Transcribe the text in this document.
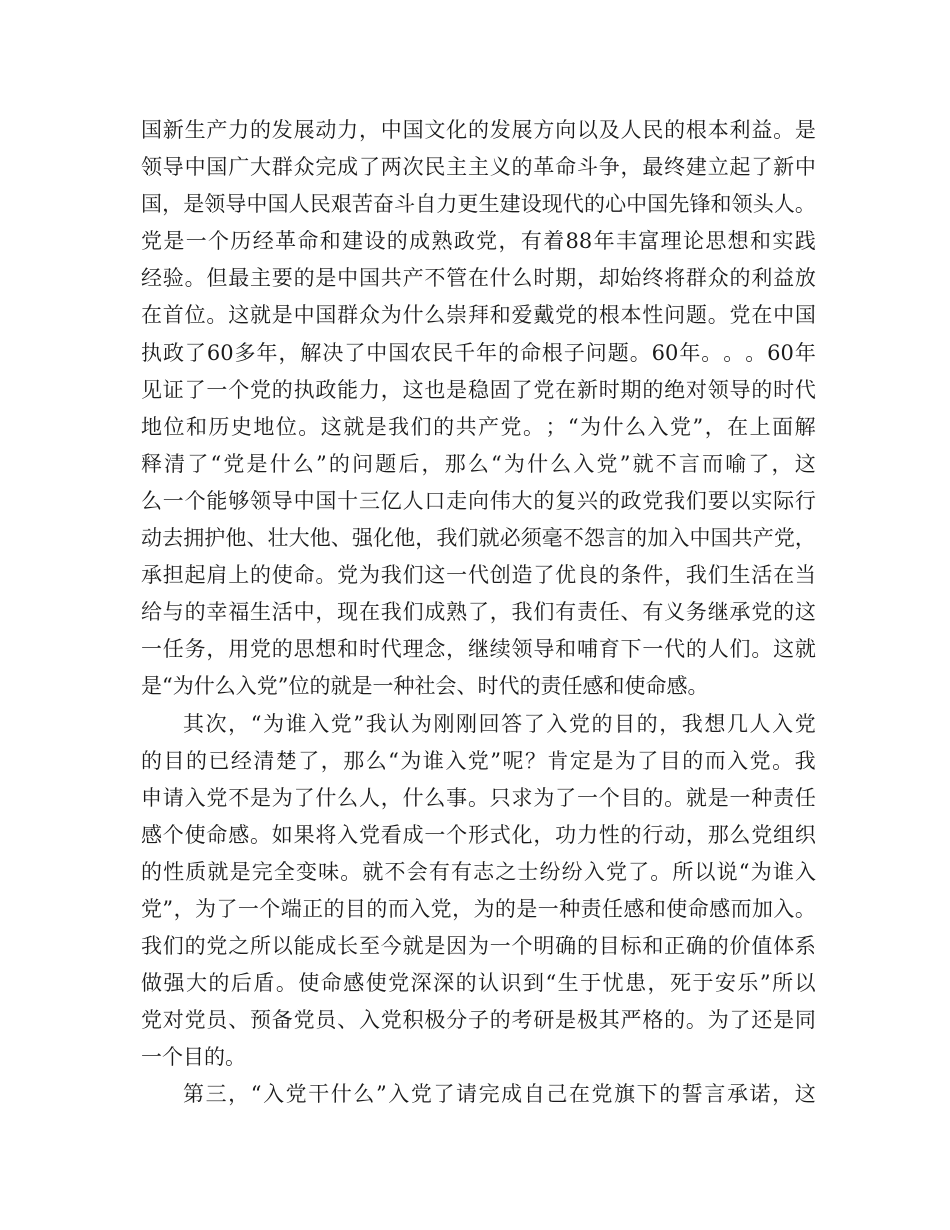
国 新 生 产 力 的 发 展 动 力 ， 中 国 文 化 的 发 展 方 向 以 及 人 民 的 根 本 利 益 。 是
领 导 中 国 广 大 群 众 完 成 了 两 次 民 主 主 义 的 革 命 斗 争 ， 最 终 建 立 起 了 新 中
国 ， 是 领 导 中 国 人 民 艰 苦 奋 斗 自 力 更 生 建 设 现 代 的 心 中 国 先 锋 和 领 头 人 。
党 是 一 个 历 经 革 命 和 建 设 的 成 熟 政 党 ， 有 着 88 年 丰 富 理 论 思 想 和 实 践
经 验 。 但 最 主 要 的 是 中 国 共 产 不 管 在 什 么 时 期 ， 却 始 终 将 群 众 的 利 益 放
在 首 位 。 这 就 是 中 国 群 众 为 什 么 崇 拜 和 爱 戴 党 的 根 本 性 问 题 。 党 在 中 国
执 政 了 60 多 年 ， 解 决 了 中 国 农 民 千 年 的 命 根 子 问 题 。 60 年 。 。 。 60 年
见 证 了 一 个 党 的 执 政 能 力 ， 这 也 是 稳 固 了 党 在 新 时 期 的 绝 对 领 导 的 时 代
地 位 和 历 史 地 位 。 这 就 是 我 们 的 共 产 党 。 ； “ 为 什 么 入 党 ” ， 在 上 面 解
释 清 了 “ 党 是 什 么 ” 的 问 题 后 ， 那 么 “ 为 什 么 入 党 ” 就 不 言 而 喻 了 ， 这
么 一 个 能 够 领 导 中 国 十 三 亿 人 口 走 向 伟 大 的 复 兴 的 政 党 我 们 要 以 实 际 行
动 去 拥 护 他 、 壮 大 他 、 强 化 他 ， 我 们 就 必 须 毫 不 怨 言 的 加 入 中 国 共 产 党 ，
承 担 起 肩 上 的 使 命 。 党 为 我 们 这 一 代 创 造 了 优 良 的 条 件 ， 我 们 生 活 在 当
给 与 的 幸 福 生 活 中 ， 现 在 我 们 成 熟 了 ， 我 们 有 责 任 、 有 义 务 继 承 党 的 这
一 任 务 ， 用 党 的 思 想 和 时 代 理 念 ， 继 续 领 导 和 哺 育 下 一 代 的 人 们 。 这 就
是“为什么入党”位的就是一种社会、时代的责任感和使命感。
其 次 ， “ 为 谁 入 党 ” 我 认 为 刚 刚 回 答 了 入 党 的 目 的 ， 我 想 几 人 入 党
的 目 的 已 经 清 楚 了 ， 那 么 “ 为 谁 入 党 ” 呢 ？ 肯 定 是 为 了 目 的 而 入 党 。 我
申 请 入 党 不 是 为 了 什 么 人 ， 什 么 事 。 只 求 为 了 一 个 目 的 。 就 是 一 种 责 任
感 个 使 命 感 。 如 果 将 入 党 看 成 一 个 形 式 化 ， 功 力 性 的 行 动 ， 那 么 党 组 织
的 性 质 就 是 完 全 变 味 。 就 不 会 有 有 志 之 士 纷 纷 入 党 了 。 所 以 说 “ 为 谁 入
党 ” ， 为 了 一 个 端 正 的 目 的 而 入 党 ， 为 的 是 一 种 责 任 感 和 使 命 感 而 加 入 。
我 们 的 党 之 所 以 能 成 长 至 今 就 是 因 为 一 个 明 确 的 目 标 和 正 确 的 价 值 体 系
做 强 大 的 后 盾 。 使 命 感 使 党 深 深 的 认 识 到 “ 生 于 忧 患 ， 死 于 安 乐 ” 所 以
党 对 党 员 、 预 备 党 员 、 入 党 积 极 分 子 的 考 研 是 极 其 严 格 的 。 为 了 还 是 同
一个目的。
第 三 ， “ 入 党 干 什 么 ” 入 党 了 请 完 成 自 己 在 党 旗 下 的 誓 言 承 诺 ， 这
